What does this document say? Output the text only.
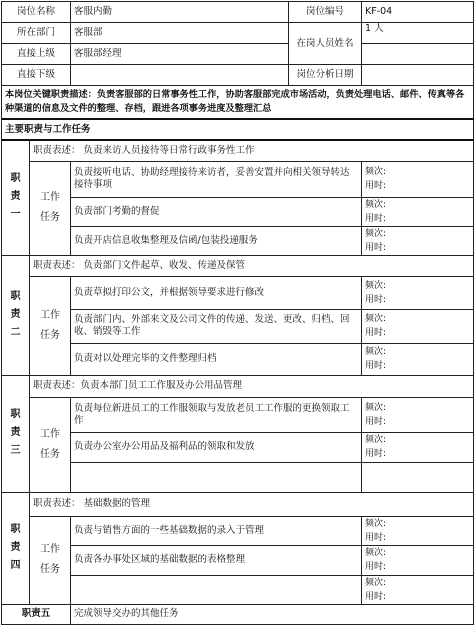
岗位名称		客服内勤	岗位编号	KF-04
所在部门		客服部	在岗人员姓名	1 人
直接上级		客服部经理		
直接下级			岗位分析日期	
本岗位关键职责描述：负责客服部的日常事务性工作，协助客服部完成市场活动，负责处理电话、邮件、传真等各种渠道的信息及文件的整理、存档，跟进各项事务进度及整理汇总				
主要职责与工作任务				
职责一	职责表述： 负责来访人员接待等日常行政事务性工作			
	工作任务	负责接听电话、协助经理接待来访者，妥善安置并向相关领导转达接待事项		频次:
用时:

		负责部门考勤的督促		频次:
用时:

		负责开店信息收集整理及信函/包装投递服务		频次:
用时:

职责二	职责表述： 负责部门文件起草、收发、传递及保管			
	工作任务	负责草拟打印公文，并根据领导要求进行修改		频次:
用时:

		负责部门内、外部来文及公司文件的传递、发送、更改、归档、回收、销毁等工作		频次:
用时:

		负责对以处理完毕的文件整理归档		频次:
用时:

职责三	职责表述：负责本部门员工工作服及办公用品管理			
	工作任务	负责每位新进员工的工作服领取与发放老员工工作服的更换领取工作		频次:
用时:

		负责办公室办公用品及福利品的领取和发放		频次:
用时:

职责四	职责表述： 基础数据的管理			
	工作任务	负责与销售方面的一些基础数据的录入于管理		频次:
用时:

		负责各办事处区域的基础数据的表格整理		频次:
用时:

				频次:
用时:

职责五		完成领导交办的其他任务		
